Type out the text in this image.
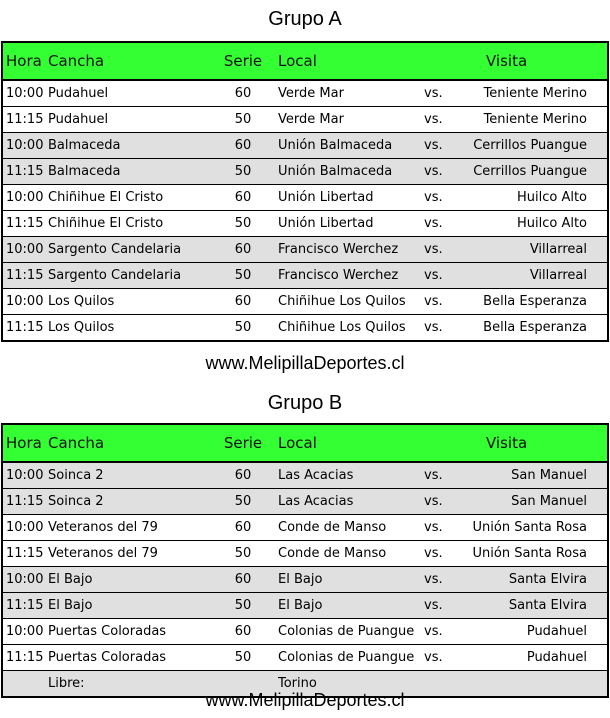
Grupo A
Hora	Cancha	Serie	Local		Visita
10:00	Pudahuel	60	Verde Mar	vs.	Teniente Merino
11:15	Pudahuel	50	Verde Mar	vs.	Teniente Merino
10:00	Balmaceda	60	Unión Balmaceda	vs.	Cerrillos Puangue
11:15	Balmaceda	50	Unión Balmaceda	vs.	Cerrillos Puangue
10:00	Chiñihue El Cristo	60	Unión Libertad	vs.	Huilco Alto
11:15	Chiñihue El Cristo	50	Unión Libertad	vs.	Huilco Alto
10:00	Sargento Candelaria	60	Francisco Werchez	vs.	Villarreal
11:15	Sargento Candelaria	50	Francisco Werchez	vs.	Villarreal
10:00	Los Quilos	60	Chiñihue Los Quilos	vs.	Bella Esperanza
11:15	Los Quilos	50	Chiñihue Los Quilos	vs.	Bella Esperanza
www.MelipillaDeportes.cl
Grupo B
Hora	Cancha	Serie	Local		Visita
10:00	Soinca 2	60	Las Acacias	vs.	San Manuel
11:15	Soinca 2	50	Las Acacias	vs.	San Manuel
10:00	Veteranos del 79	60	Conde de Manso	vs.	Unión Santa Rosa
11:15	Veteranos del 79	50	Conde de Manso	vs.	Unión Santa Rosa
10:00	El Bajo	60	El Bajo	vs.	Santa Elvira
11:15	El Bajo	50	El Bajo	vs.	Santa Elvira
10:00	Puertas Coloradas	60	Colonias de Puangue	vs.	Pudahuel
11:15	Puertas Coloradas	50	Colonias de Puangue	vs.	Pudahuel
	Libre:		Torino		
www.MelipillaDeportes.cl
